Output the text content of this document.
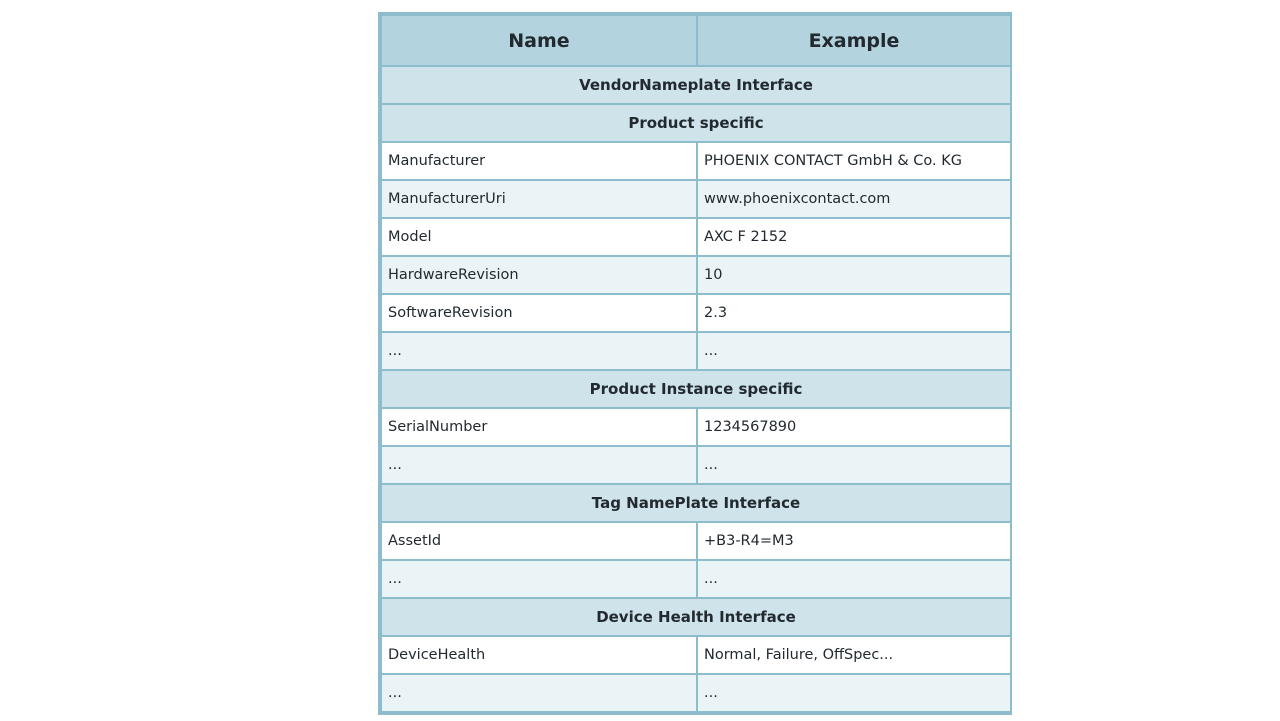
Name	Example
VendorNameplate Interface	
Product specific	
Manufacturer	PHOENIX CONTACT GmbH & Co. KG
ManufacturerUri	www.phoenixcontact.com
Model	AXC F 2152
HardwareRevision	10
SoftwareRevision	2.3
...	...
Product Instance specific	
SerialNumber	1234567890
...	...
Tag NamePlate Interface	
AssetId	+B3-R4=M3
...	...
Device Health Interface	
DeviceHealth	Normal, Failure, OffSpec...
...	...
